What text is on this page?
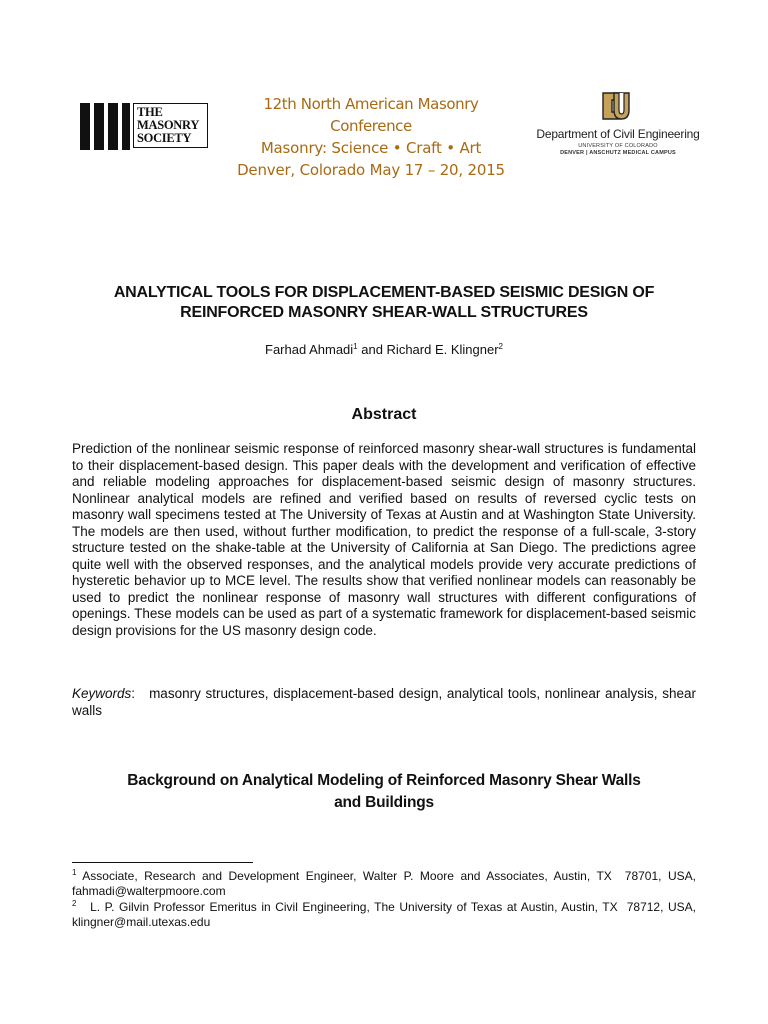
THE
MASONRY
SOCIETY
12th North American Masonry Conference
Masonry: Science • Craft • Art
Denver, Colorado May 17 – 20, 2015
Department of Civil Engineering
UNIVERSITY OF COLORADO
DENVER | ANSCHUTZ MEDICAL CAMPUS
ANALYTICAL TOOLS FOR DISPLACEMENT-BASED SEISMIC DESIGN OF
REINFORCED MASONRY SHEAR-WALL STRUCTURES
Farhad Ahmadi$^1$ and Richard E. Klingner$^2$
Abstract
Prediction of the nonlinear seismic response of reinforced masonry shear-wall structures is fundamental to their displacement-based design. This paper deals with the development and verification of effective and reliable modeling approaches for displacement-based seismic design of masonry structures. Nonlinear analytical models are refined and verified based on results of reversed cyclic tests on masonry wall specimens tested at The University of Texas at Austin and at Washington State University. The models are then used, without further modification, to predict the response of a full-scale, 3-story structure tested on the shake-table at the University of California at San Diego. The predictions agree quite well with the observed responses, and the analytical models provide very accurate predictions of hysteretic behavior up to MCE level. The results show that verified nonlinear models can reasonably be used to predict the nonlinear response of masonry wall structures with different configurations of openings. These models can be used as part of a systematic framework for displacement-based seismic design provisions for the US masonry design code.
Keywords:   masonry structures, displacement-based design, analytical tools, nonlinear analysis, shear walls
Background on Analytical Modeling of Reinforced Masonry Shear Walls
and Buildings
$^1$ Associate, Research and Development Engineer, Walter P. Moore and Associates, Austin, TX  78701, USA, fahmadi@walterpmoore.com
$^2$   L. P. Gilvin Professor Emeritus in Civil Engineering, The University of Texas at Austin, Austin, TX  78712, USA, klingner@mail.utexas.edu
